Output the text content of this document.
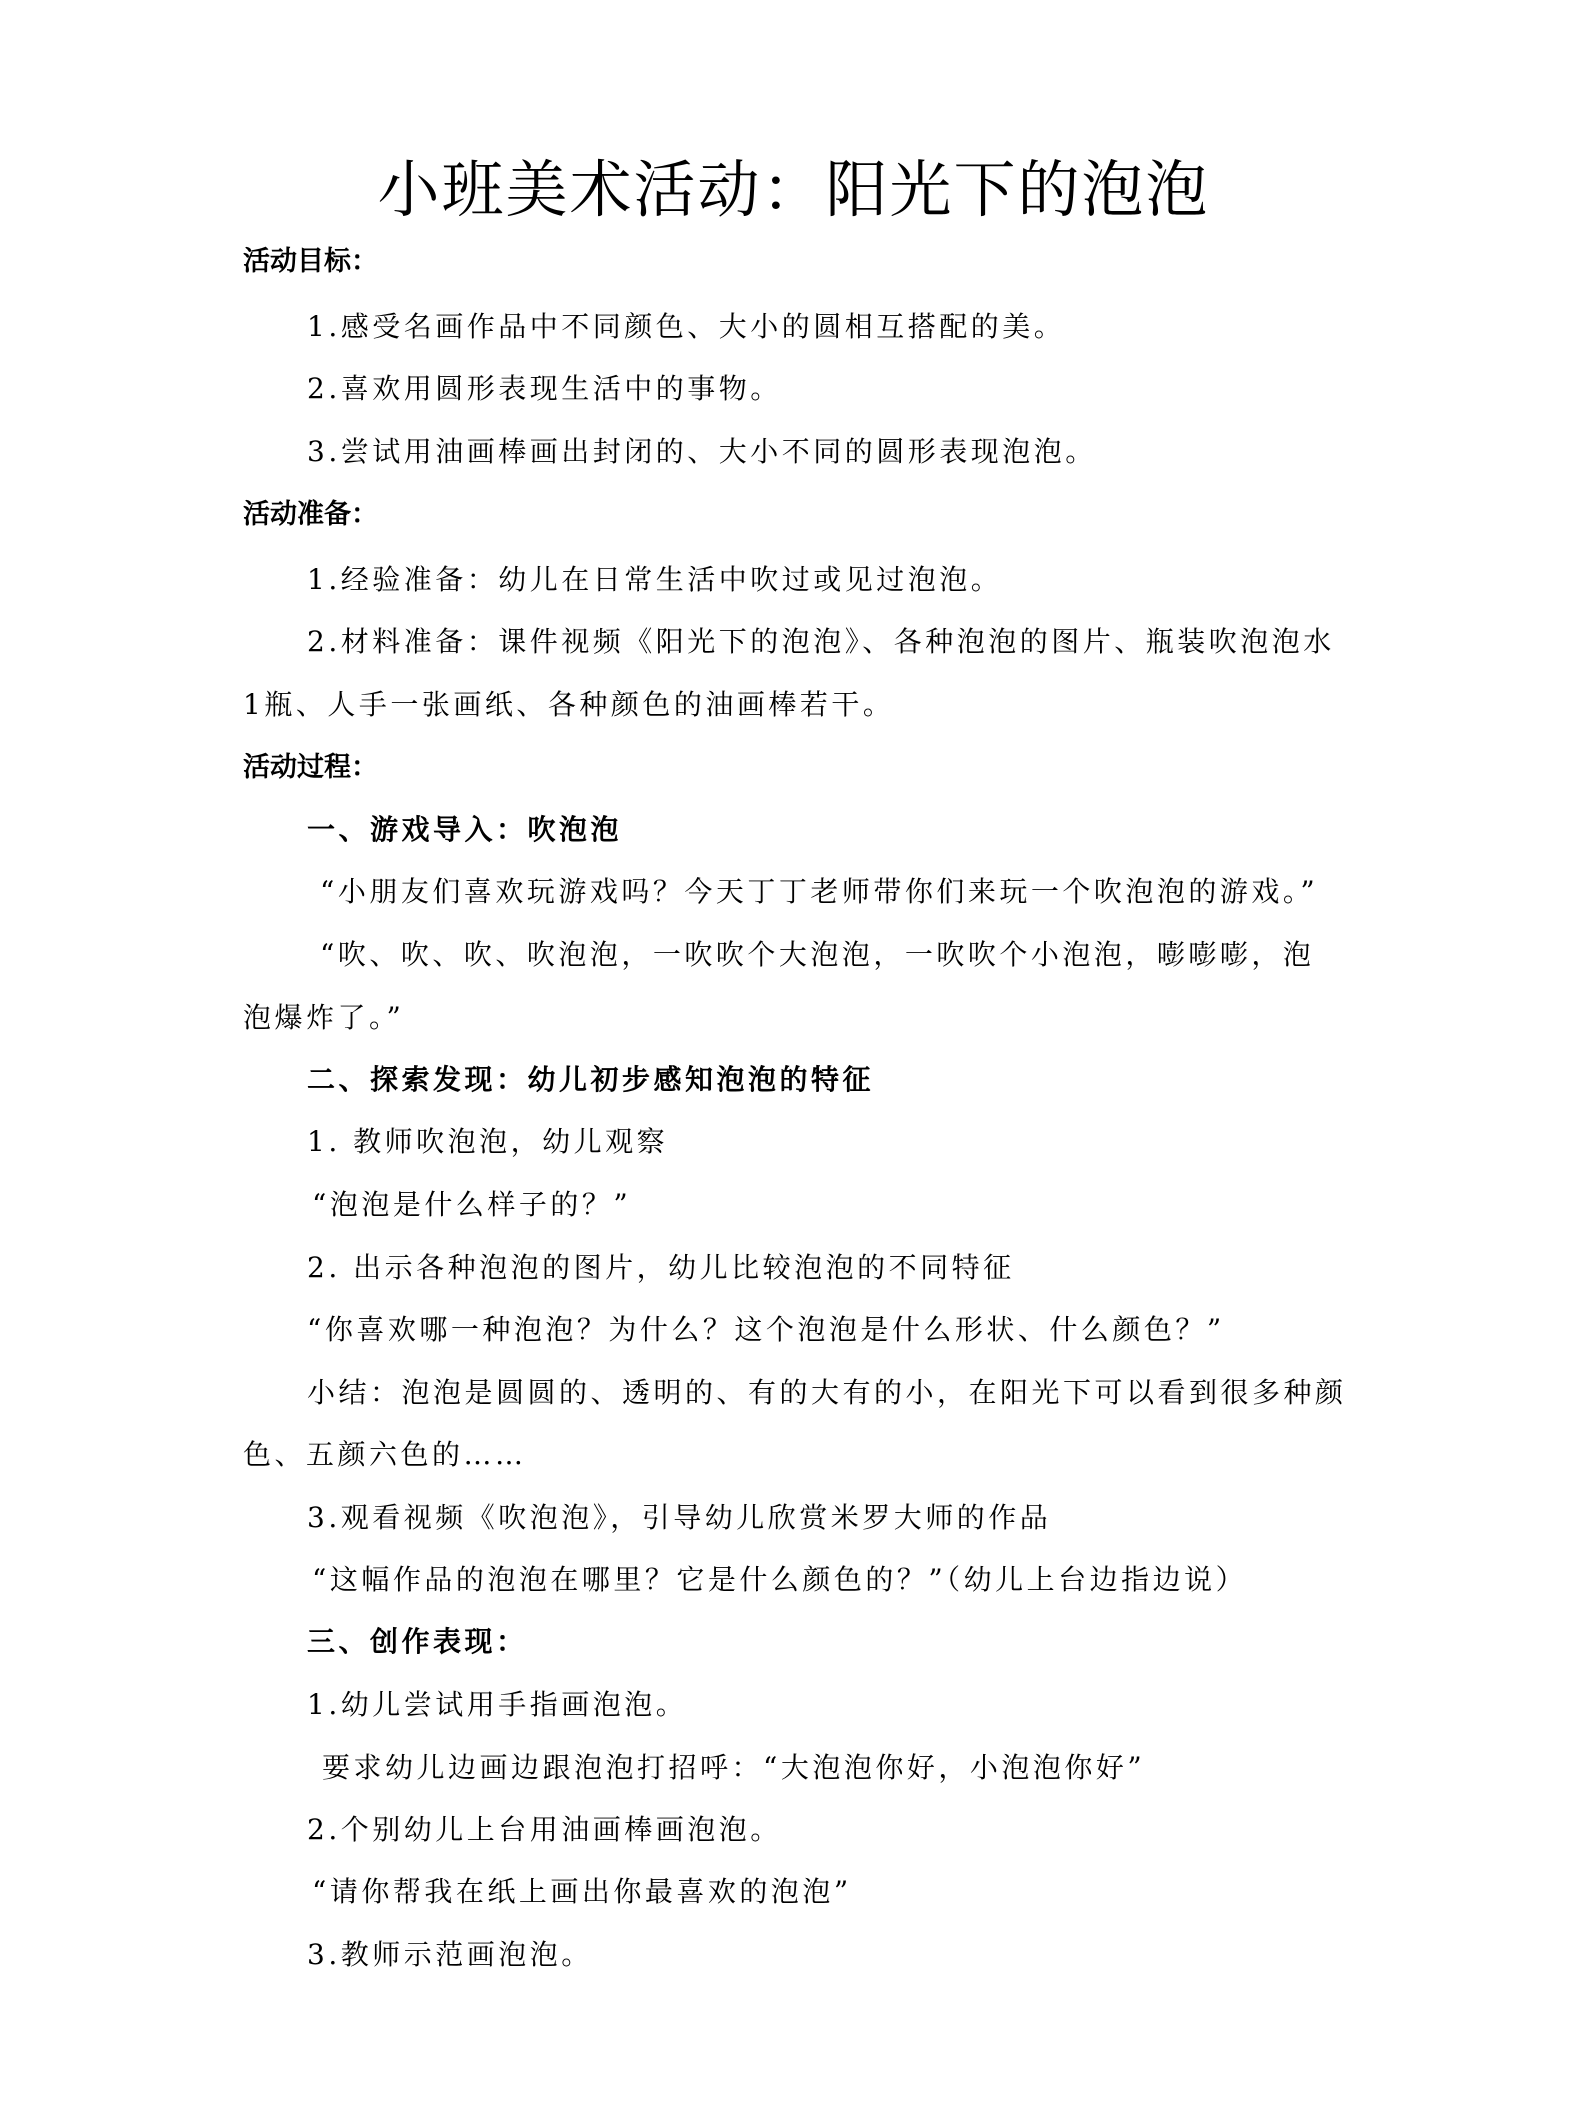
小班美术活动：阳光下的泡泡
活动目标：
1.感受名画作品中不同颜色、大小的圆相互搭配的美。
2.喜欢用圆形表现生活中的事物。
3.尝试用油画棒画出封闭的、大小不同的圆形表现泡泡。
活动准备：
1.经验准备：幼儿在日常生活中吹过或见过泡泡。
2.材料准备：课件视频《阳光下的泡泡》、各种泡泡的图片、瓶装吹泡泡水
1瓶、人手一张画纸、各种颜色的油画棒若干。
活动过程：
一、游戏导入：吹泡泡
“小朋友们喜欢玩游戏吗？今天丁丁老师带你们来玩一个吹泡泡的游戏。”
“吹、吹、吹、吹泡泡，一吹吹个大泡泡，一吹吹个小泡泡，嘭嘭嘭，泡
泡爆炸了。”
二、探索发现：幼儿初步感知泡泡的特征
1. 教师吹泡泡，幼儿观察
“泡泡是什么样子的？”
2. 出示各种泡泡的图片，幼儿比较泡泡的不同特征
“你喜欢哪一种泡泡？为什么？这个泡泡是什么形状、什么颜色？”
小结：泡泡是圆圆的、透明的、有的大有的小，在阳光下可以看到很多种颜
色、五颜六色的……
3.观看视频《吹泡泡》，引导幼儿欣赏米罗大师的作品
“这幅作品的泡泡在哪里？它是什么颜色的？”（幼儿上台边指边说）
三、创作表现：
1.幼儿尝试用手指画泡泡。
要求幼儿边画边跟泡泡打招呼：“大泡泡你好，小泡泡你好”
2.个别幼儿上台用油画棒画泡泡。
“请你帮我在纸上画出你最喜欢的泡泡”
3.教师示范画泡泡。
